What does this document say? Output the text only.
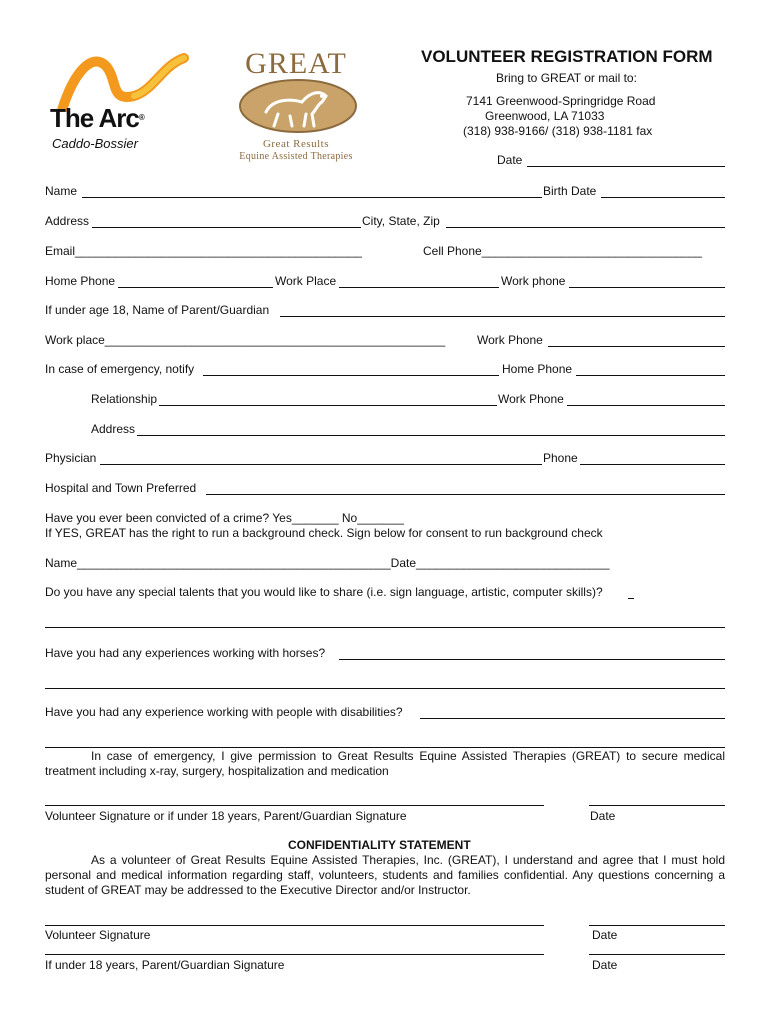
The Arc®
Caddo-Bossier
GREAT
Great Results
Equine Assisted Therapies
VOLUNTEER REGISTRATION FORM
Bring to GREAT or mail to:
7141 Greenwood-Springridge Road
Greenwood, LA 71033
(318) 938-9166/ (318) 938-1181 fax
Date
Name	Birth Date
Address	City, State, Zip
Email___________________________________________	Cell Phone_________________________________
Home Phone	Work Place	Work phone
If under age 18, Name of Parent/Guardian
Work place___________________________________________________	Work Phone
In case of emergency, notify	Home Phone
Relationship	Work Phone
Address
Physician	Phone
Hospital and Town Preferred
Have you ever been convicted of a crime? Yes_______ No_______
If YES, GREAT has the right to run a background check. Sign below for consent to run background check
Name_______________________________________________Date_____________________________
Do you have any special talents that you would like to share (i.e. sign language, artistic, computer skills)?
Have you had any experiences working with horses?
Have you had any experience working with people with disabilities?
In case of emergency, I give permission to Great Results Equine Assisted Therapies (GREAT) to secure medical treatment including x-ray, surgery, hospitalization and medication
Volunteer Signature or if under 18 years, Parent/Guardian Signature	Date
CONFIDENTIALITY STATEMENT
As a volunteer of Great Results Equine Assisted Therapies, Inc. (GREAT), I understand and agree that I must hold personal and medical information regarding staff, volunteers, students and families confidential. Any questions concerning a student of GREAT may be addressed to the Executive Director and/or Instructor.
Volunteer Signature	Date
If under 18 years, Parent/Guardian Signature	Date
